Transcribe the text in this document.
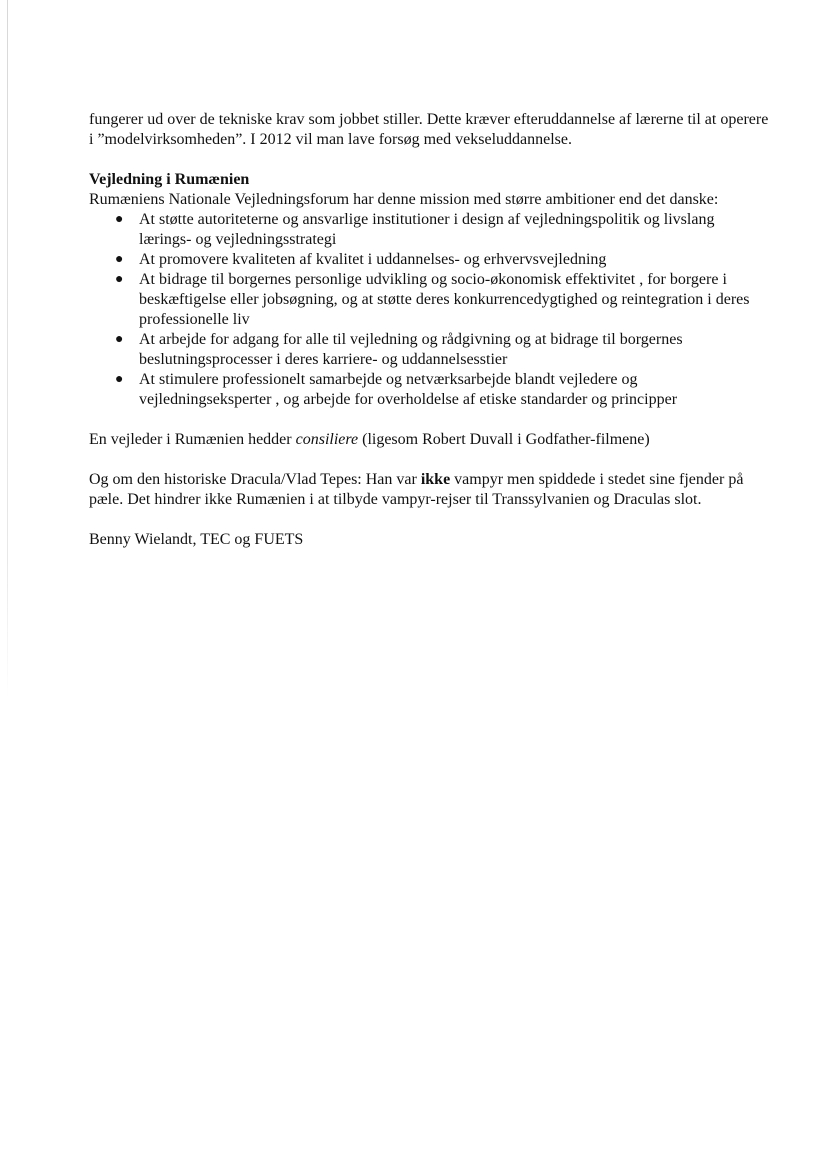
fungerer ud over de tekniske krav som jobbet stiller. Dette kræver efteruddannelse af lærerne til at operere i ”modelvirksomheden”. I 2012 vil man lave forsøg med vekseluddannelse.

Vejledning i Rumænien

Rumæniens Nationale Vejledningsforum har denne mission med større ambitioner end det danske:

● At støtte autoriteterne og ansvarlige institutioner i design af vejledningspolitik og livslang lærings- og vejledningsstrategi
● At promovere kvaliteten af kvalitet i uddannelses- og erhvervsvejledning
● At bidrage til borgernes personlige udvikling og socio-økonomisk effektivitet , for borgere i beskæftigelse eller jobsøgning, og at støtte deres konkurrencedygtighed og reintegration i deres professionelle liv
● At arbejde for adgang for alle til vejledning og rådgivning og at bidrage til borgernes beslutningsprocesser i deres karriere- og uddannelsesstier
● At stimulere professionelt samarbejde og netværksarbejde blandt vejledere og vejledningseksperter , og arbejde for overholdelse af etiske standarder og principper

En vejleder i Rumænien hedder consiliere (ligesom Robert Duvall i Godfather-filmene)

Og om den historiske Dracula/Vlad Tepes: Han var ikke vampyr men spiddede i stedet sine fjender på pæle. Det hindrer ikke Rumænien i at tilbyde vampyr-rejser til Transsylvanien og Draculas slot.

Benny Wielandt, TEC og FUETS
